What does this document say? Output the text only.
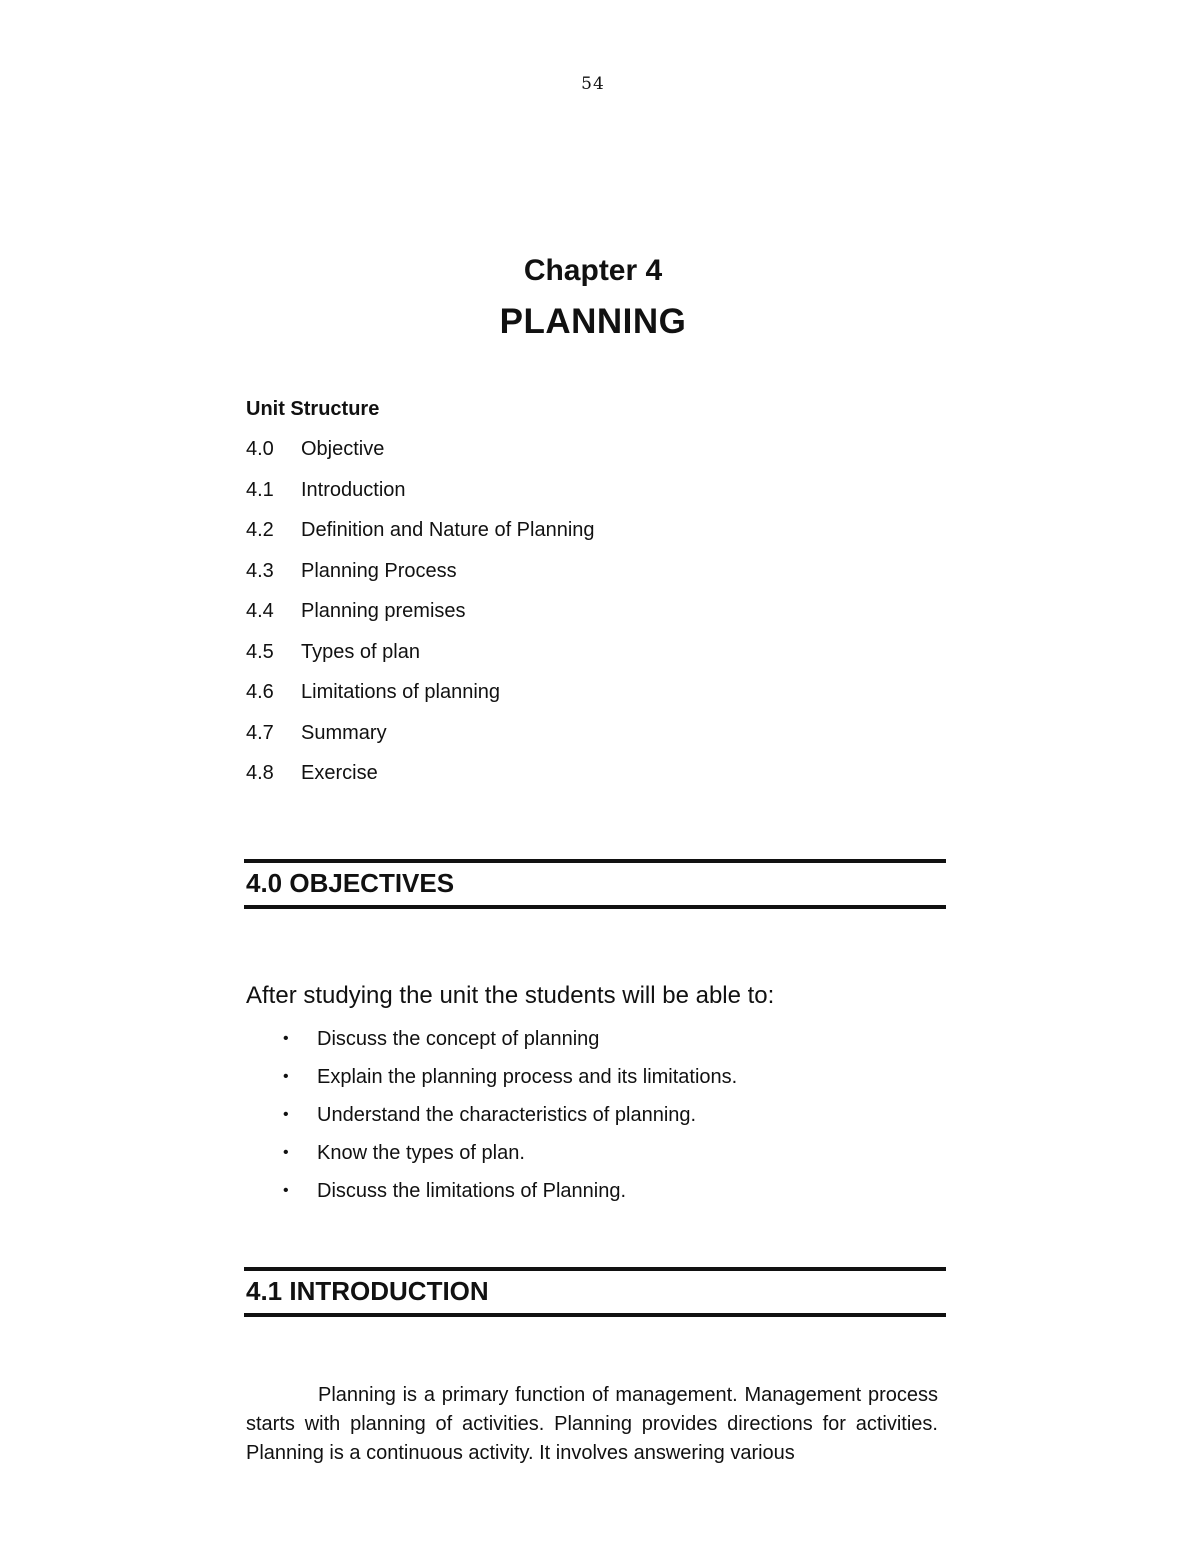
54
Chapter 4
PLANNING
Unit Structure
4.0	Objective
4.1	Introduction
4.2	Definition and Nature of Planning
4.3	Planning Process
4.4	Planning premises
4.5	Types of plan
4.6	Limitations of planning
4.7	Summary
4.8	Exercise
4.0 OBJECTIVES
After studying the unit the students will be able to:
•	Discuss the concept of planning
•	Explain the planning process and its limitations.
•	Understand the characteristics of planning.
•	Know the types of plan.
•	Discuss the limitations of Planning.
4.1 INTRODUCTION

Planning is a primary function of management. Management process starts with planning of activities. Planning provides directions for activities. Planning is a continuous activity. It involves answering various
